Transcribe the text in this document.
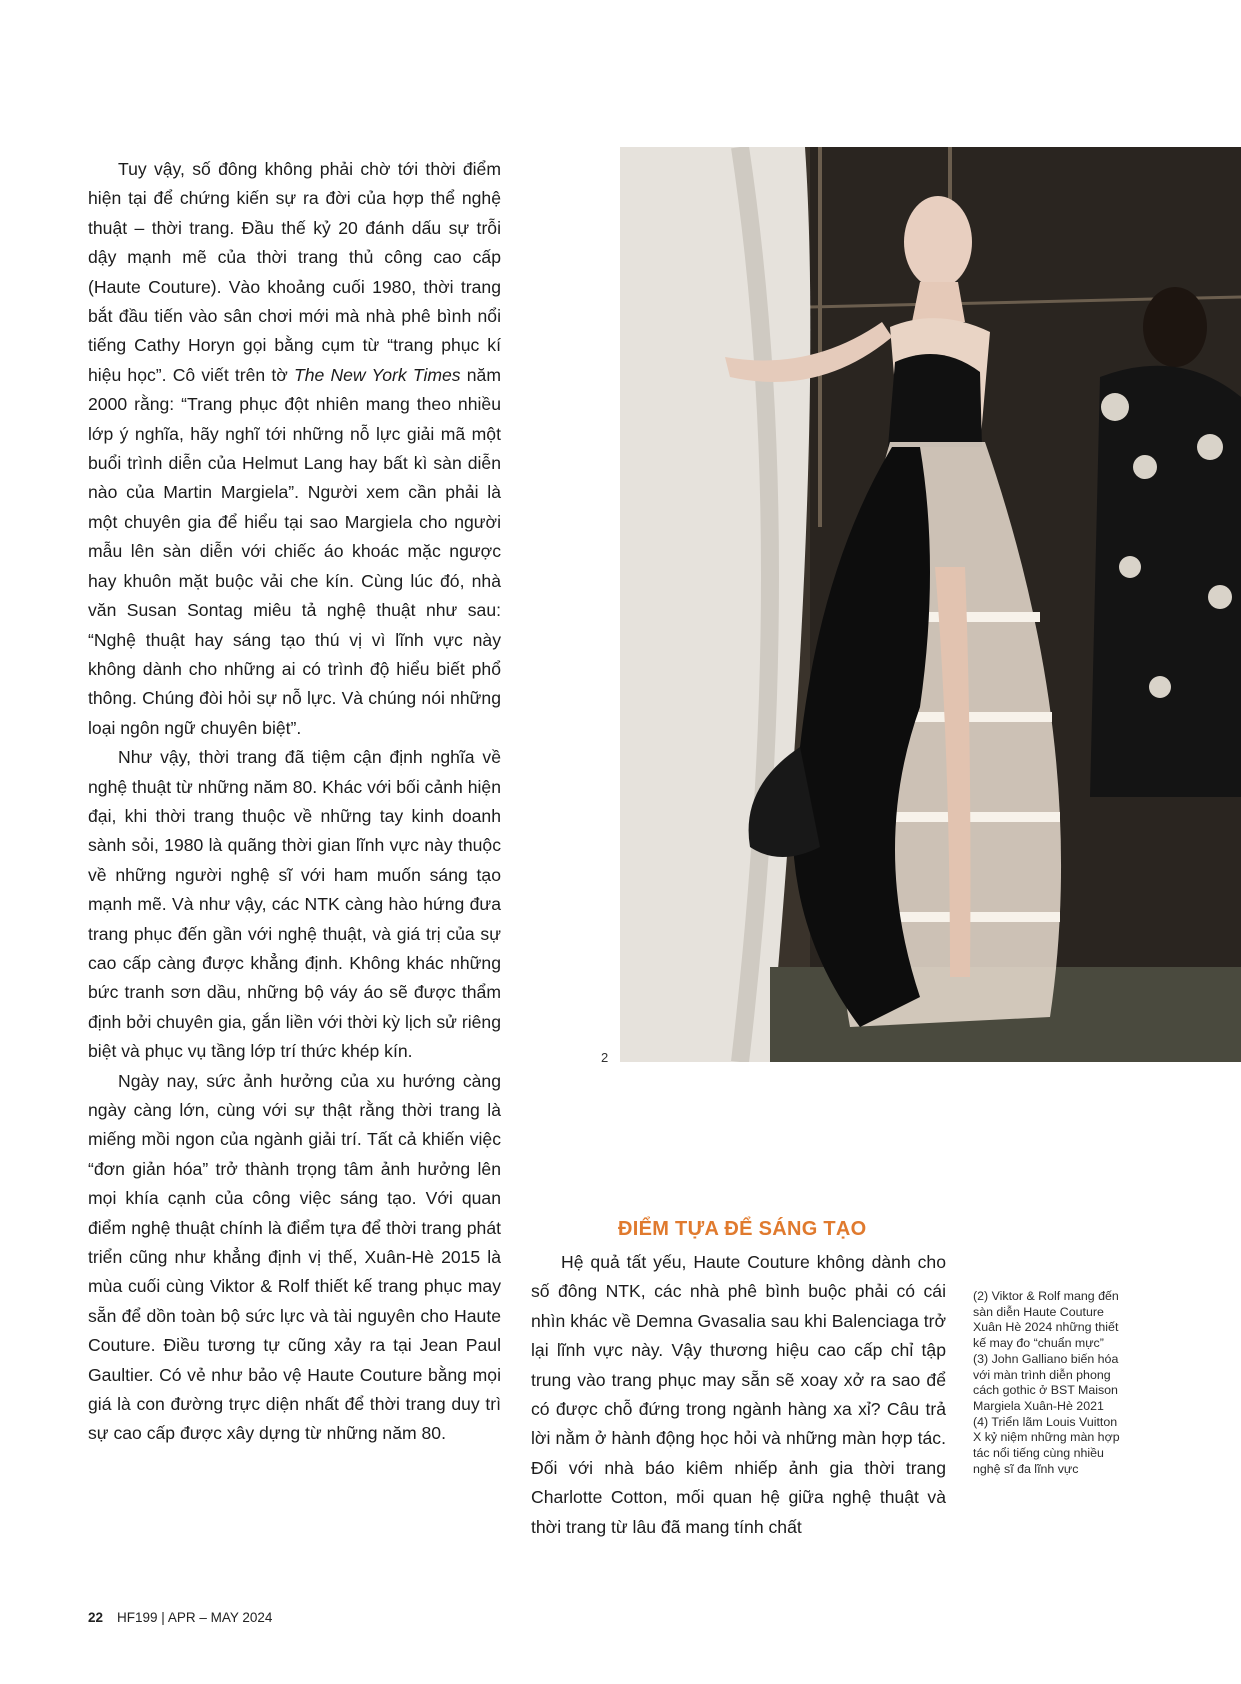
Tuy vậy, số đông không phải chờ tới thời điểm hiện tại để chứng kiến sự ra đời của hợp thể nghệ thuật – thời trang. Đầu thế kỷ 20 đánh dấu sự trỗi dậy mạnh mẽ của thời trang thủ công cao cấp (Haute Couture). Vào khoảng cuối 1980, thời trang bắt đầu tiến vào sân chơi mới mà nhà phê bình nổi tiếng Cathy Horyn gọi bằng cụm từ “trang phục kí hiệu học”. Cô viết trên tờ The New York Times năm 2000 rằng: “Trang phục đột nhiên mang theo nhiều lớp ý nghĩa, hãy nghĩ tới những nỗ lực giải mã một buổi trình diễn của Helmut Lang hay bất kì sàn diễn nào của Martin Margiela”. Người xem cần phải là một chuyên gia để hiểu tại sao Margiela cho người mẫu lên sàn diễn với chiếc áo khoác mặc ngược hay khuôn mặt buộc vải che kín. Cùng lúc đó, nhà văn Susan Sontag miêu tả nghệ thuật như sau: “Nghệ thuật hay sáng tạo thú vị vì lĩnh vực này không dành cho những ai có trình độ hiểu biết phổ thông. Chúng đòi hỏi sự nỗ lực. Và chúng nói những loại ngôn ngữ chuyên biệt”.

Như vậy, thời trang đã tiệm cận định nghĩa về nghệ thuật từ những năm 80. Khác với bối cảnh hiện đại, khi thời trang thuộc về những tay kinh doanh sành sỏi, 1980 là quãng thời gian lĩnh vực này thuộc về những người nghệ sĩ với ham muốn sáng tạo mạnh mẽ. Và như vậy, các NTK càng hào hứng đưa trang phục đến gần với nghệ thuật, và giá trị của sự cao cấp càng được khẳng định. Không khác những bức tranh sơn dầu, những bộ váy áo sẽ được thẩm định bởi chuyên gia, gắn liền với thời kỳ lịch sử riêng biệt và phục vụ tầng lớp trí thức khép kín.

Ngày nay, sức ảnh hưởng của xu hướng càng ngày càng lớn, cùng với sự thật rằng thời trang là miếng mồi ngon của ngành giải trí. Tất cả khiến việc “đơn giản hóa” trở thành trọng tâm ảnh hưởng lên mọi khía cạnh của công việc sáng tạo. Với quan điểm nghệ thuật chính là điểm tựa để thời trang phát triển cũng như khẳng định vị thế, Xuân-Hè 2015 là mùa cuối cùng Viktor & Rolf thiết kế trang phục may sẵn để dồn toàn bộ sức lực và tài nguyên cho Haute Couture. Điều tương tự cũng xảy ra tại Jean Paul Gaultier. Có vẻ như bảo vệ Haute Couture bằng mọi giá là con đường trực diện nhất để thời trang duy trì sự cao cấp được xây dựng từ những năm 80.

2
ĐIỂM TỰA ĐỂ SÁNG TẠO

Hệ quả tất yếu, Haute Couture không dành cho số đông NTK, các nhà phê bình buộc phải có cái nhìn khác về Demna Gvasalia sau khi Balenciaga trở lại lĩnh vực này. Vậy thương hiệu cao cấp chỉ tập trung vào trang phục may sẵn sẽ xoay xở ra sao để có được chỗ đứng trong ngành hàng xa xỉ? Câu trả lời nằm ở hành động học hỏi và những màn hợp tác. Đối với nhà báo kiêm nhiếp ảnh gia thời trang Charlotte Cotton, mối quan hệ giữa nghệ thuật và thời trang từ lâu đã mang tính chất

(2) Viktor & Rolf mang đến sàn diễn Haute Couture Xuân Hè 2024 những thiết kế may đo “chuẩn mực”
(3) John Galliano biến hóa với màn trình diễn phong cách gothic ở BST Maison Margiela Xuân-Hè 2021
(4) Triển lãm Louis Vuitton X kỷ niệm những màn hợp tác nổi tiếng cùng nhiều nghệ sĩ đa lĩnh vực
22 HF199 | APR – MAY 2024
